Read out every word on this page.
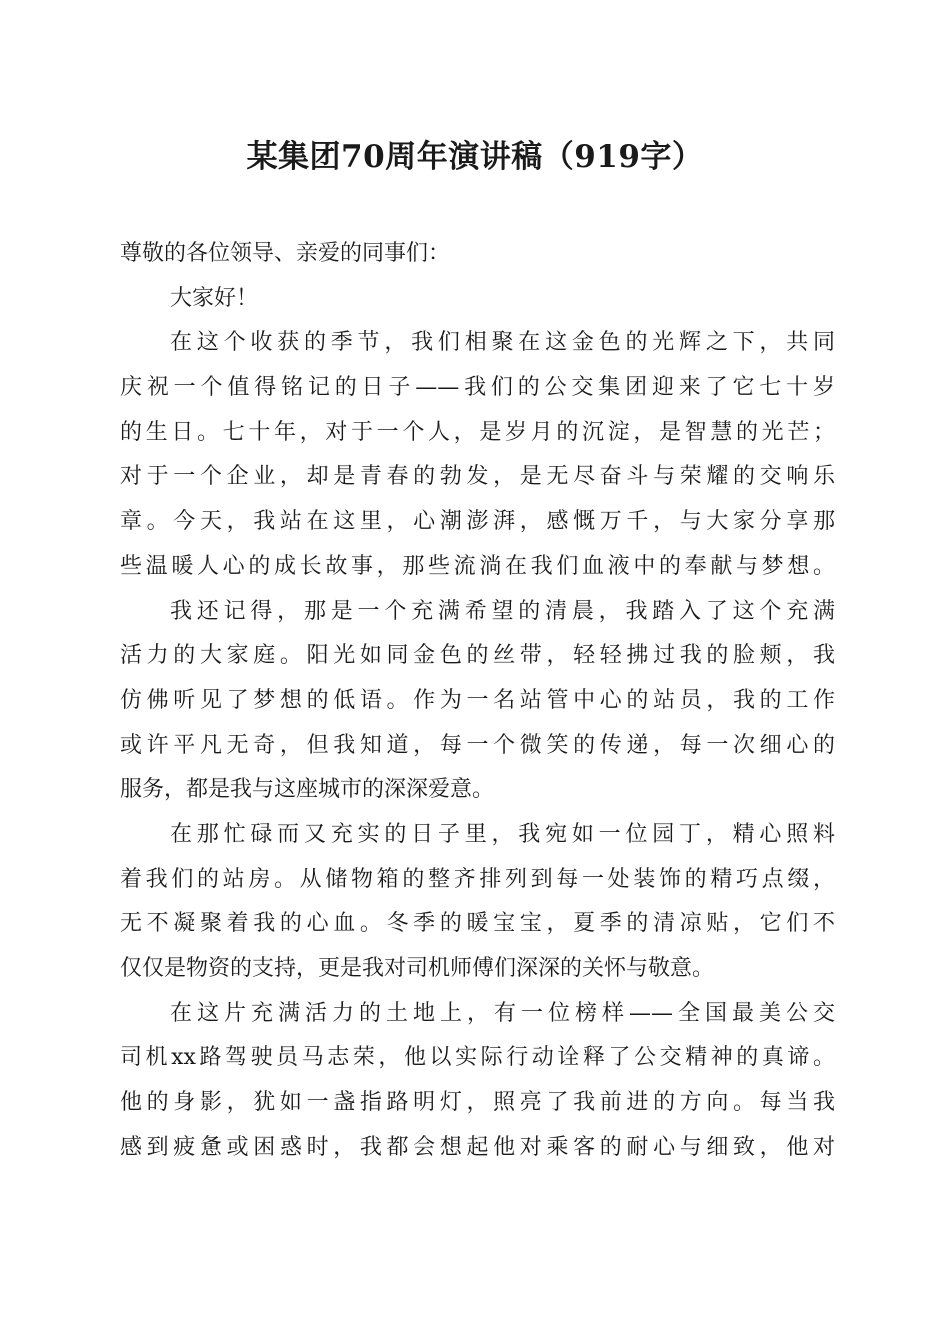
某集团70周年演讲稿（919字）

尊敬的各位领导、亲爱的同事们：

大家好！

在这个收获的季节，我们相聚在这金色的光辉之下，共同

庆祝一个值得铭记的日子——我们的公交集团迎来了它七十岁

的生日。七十年，对于一个人，是岁月的沉淀，是智慧的光芒；

对于一个企业，却是青春的勃发，是无尽奋斗与荣耀的交响乐

章。今天，我站在这里，心潮澎湃，感慨万千，与大家分享那

些温暖人心的成长故事，那些流淌在我们血液中的奉献与梦想。

我还记得，那是一个充满希望的清晨，我踏入了这个充满

活力的大家庭。阳光如同金色的丝带，轻轻拂过我的脸颊，我

仿佛听见了梦想的低语。作为一名站管中心的站员，我的工作

或许平凡无奇，但我知道，每一个微笑的传递，每一次细心的

服务，都是我与这座城市的深深爱意。

在那忙碌而又充实的日子里，我宛如一位园丁，精心照料

着我们的站房。从储物箱的整齐排列到每一处装饰的精巧点缀，

无不凝聚着我的心血。冬季的暖宝宝，夏季的清凉贴，它们不

仅仅是物资的支持，更是我对司机师傅们深深的关怀与敬意。

在这片充满活力的土地上，有一位榜样——全国最美公交

司机xx路驾驶员马志荣，他以实际行动诠释了公交精神的真谛。

他的身影，犹如一盏指路明灯，照亮了我前进的方向。每当我

感到疲惫或困惑时，我都会想起他对乘客的耐心与细致，他对
